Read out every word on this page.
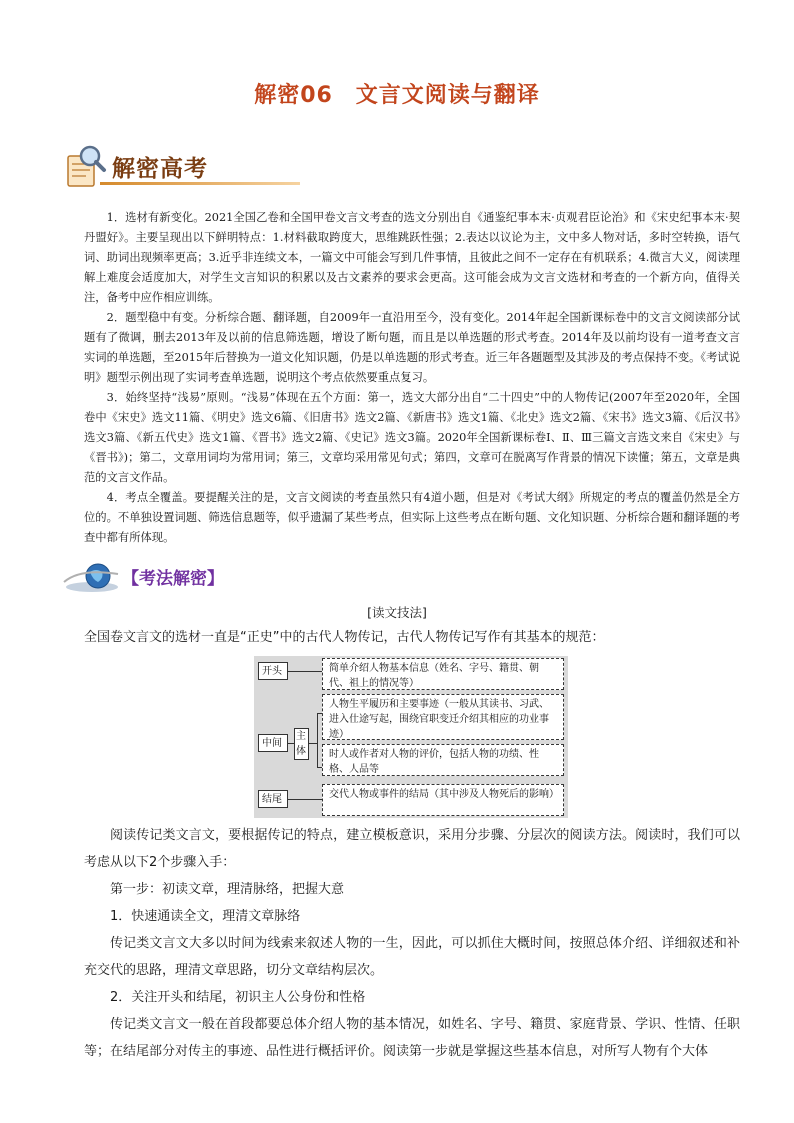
解密06　文言文阅读与翻译
解密高考

1．选材有新变化。2021全国乙卷和全国甲卷文言文考查的选文分别出自《通鉴纪事本末·贞观君臣论治》和《宋史纪事本末·契丹盟好》。主要呈现出以下鲜明特点：1.材料截取跨度大，思维跳跃性强；2.表达以议论为主，文中多人物对话，多时空转换，语气词、助词出现频率更高；3.近乎非连续文本，一篇文中可能会写到几件事情，且彼此之间不一定存在有机联系；4.微言大义，阅读理解上难度会适度加大，对学生文言知识的积累以及古文素养的要求会更高。这可能会成为文言文选材和考查的一个新方向，值得关注，备考中应作相应训练。

2．题型稳中有变。分析综合题、翻译题，自2009年一直沿用至今，没有变化。2014年起全国新课标卷中的文言文阅读部分试题有了微调，删去2013年及以前的信息筛选题，增设了断句题，而且是以单选题的形式考查。2014年及以前均设有一道考查文言实词的单选题，至2015年后替换为一道文化知识题，仍是以单选题的形式考查。近三年各题题型及其涉及的考点保持不变。《考试说明》题型示例出现了实词考查单选题，说明这个考点依然要重点复习。

3．始终坚持“浅易”原则。“浅易”体现在五个方面：第一，选文大部分出自“二十四史”中的人物传记(2007年至2020年，全国卷中《宋史》选文11篇、《明史》选文6篇、《旧唐书》选文2篇、《新唐书》选文1篇、《北史》选文2篇、《宋书》选文3篇、《后汉书》选文3篇、《新五代史》选文1篇、《晋书》选文2篇、《史记》选文3篇。2020年全国新课标卷Ⅰ、Ⅱ、Ⅲ三篇文言选文来自《宋史》与《晋书》)；第二，文章用词均为常用词；第三，文章均采用常见句式；第四，文章可在脱离写作背景的情况下读懂；第五，文章是典范的文言文作品。

4．考点全覆盖。要提醒关注的是，文言文阅读的考查虽然只有4道小题，但是对《考试大纲》所规定的考点的覆盖仍然是全方位的。不单独设置词题、筛选信息题等，似乎遗漏了某些考点，但实际上这些考点在断句题、文化知识题、分析综合题和翻译题的考查中都有所体现。

【考法解密】
[读文技法]

全国卷文言文的选材一直是“正史”中的古代人物传记，古代人物传记写作有其基本的规范：

开头
中间
主体
结尾
简单介绍人物基本信息（姓名、字号、籍贯、朝代、祖上的情况等）
人物生平履历和主要事迹（一般从其读书、习武、进入仕途写起，围绕官职变迁介绍其相应的功业事迹）
时人或作者对人物的评价，包括人物的功绩、性格、人品等
交代人物或事件的结局（其中涉及人物死后的影响）

阅读传记类文言文，要根据传记的特点，建立模板意识，采用分步骤、分层次的阅读方法。阅读时，我们可以考虑从以下2个步骤入手：

第一步：初读文章，理清脉络，把握大意

1．快速通读全文，理清文章脉络

传记类文言文大多以时间为线索来叙述人物的一生，因此，可以抓住大概时间，按照总体介绍、详细叙述和补充交代的思路，理清文章思路，切分文章结构层次。

2．关注开头和结尾，初识主人公身份和性格

传记类文言文一般在首段都要总体介绍人物的基本情况，如姓名、字号、籍贯、家庭背景、学识、性情、任职等；在结尾部分对传主的事迹、品性进行概括评价。阅读第一步就是掌握这些基本信息，对所写人物有个大体
